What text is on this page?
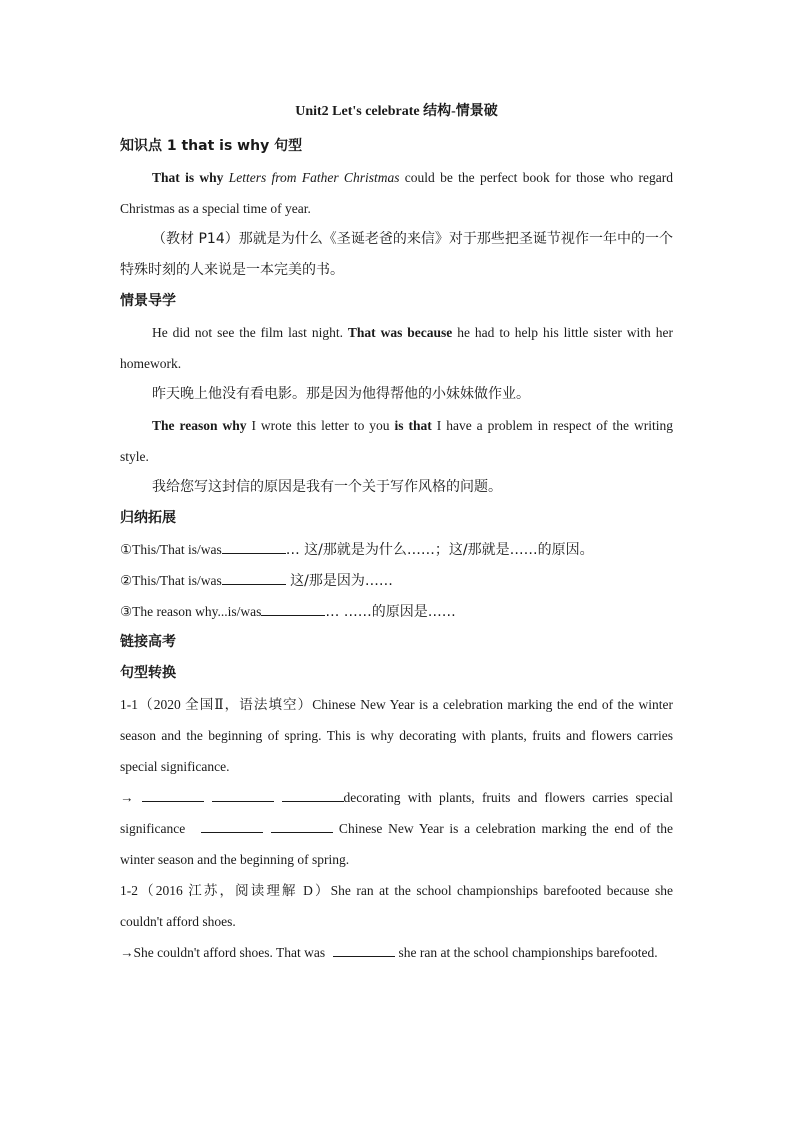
Unit2 Let's celebrate 结构-情景破
知识点 1 that is why 句型
That is why Letters from Father Christmas could be the perfect book for those who regard Christmas as a special time of year.
（教材 P14）那就是为什么《圣诞老爸的来信》对于那些把圣诞节视作一年中的一个特殊时刻的人来说是一本完美的书。
情景导学
He did not see the film last night. That was because he had to help his little sister with her homework.
昨天晚上他没有看电影。那是因为他得帮他的小妹妹做作业。
The reason why I wrote this letter to you is that I have a problem in respect of the writing style.
我给您写这封信的原因是我有一个关于写作风格的问题。
归纳拓展
①This/That is/was	… 这/那就是为什么……；这/那就是……的原因。
②This/That is/was	这/那是因为……
③The reason why...is/was	… ……的原因是……
链接高考
句型转换
1-1（2020 全国Ⅱ，语法填空）Chinese New Year is a celebration marking the end of the winter season and the beginning of spring. This is why decorating with plants, fruits and flowers carries special significance.
→	decorating with plants, fruits and flowers carries special significance	Chinese New Year is a celebration marking the end of the winter season and the beginning of spring.
1-2（2016 江苏，阅读理解 D）She ran at the school championships barefooted because she couldn't afford shoes.
→She couldn't afford shoes. That was	she ran at the school championships barefooted.
